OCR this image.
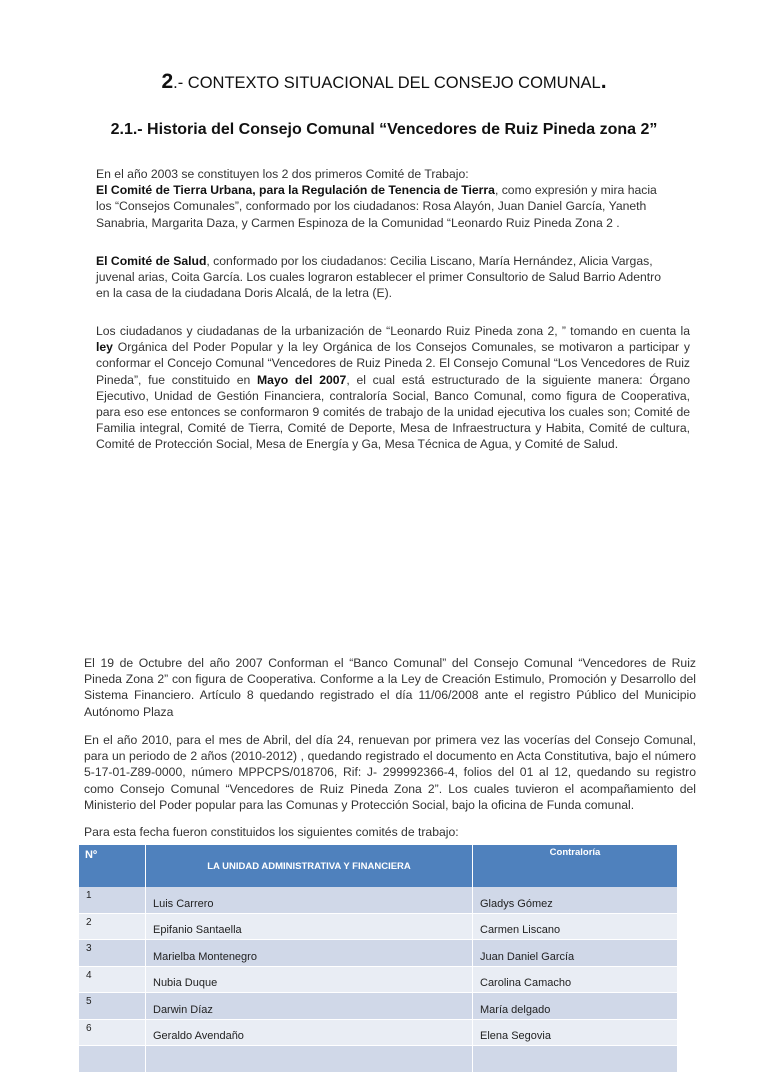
2.- CONTEXTO SITUACIONAL DEL CONSEJO COMUNAL.
2.1.- Historia del Consejo Comunal “Vencedores de Ruiz Pineda zona 2”
En el año 2003 se constituyen los 2 dos primeros Comité de Trabajo:
El Comité de Tierra Urbana, para la Regulación de Tenencia de Tierra, como expresión y mira hacia
los “Consejos Comunales”, conformado por los ciudadanos: Rosa Alayón, Juan Daniel García, Yaneth
Sanabria, Margarita Daza, y Carmen Espinoza de la Comunidad “Leonardo Ruiz Pineda Zona 2 .
El Comité de Salud, conformado por los ciudadanos: Cecilia Liscano, María Hernández, Alicia Vargas,
juvenal arias, Coita García. Los cuales lograron establecer el primer Consultorio de Salud Barrio Adentro
en la casa de la ciudadana Doris Alcalá, de la letra (E).
Los ciudadanos y ciudadanas de la urbanización de “Leonardo Ruiz Pineda zona 2, ” tomando en cuenta la ley Orgánica del Poder Popular y la ley Orgánica de los Consejos Comunales, se motivaron a participar y conformar el Concejo Comunal “Vencedores de Ruiz Pineda 2. El Consejo Comunal “Los Vencedores de Ruiz Pineda”, fue constituido en Mayo del 2007, el cual está estructurado de la siguiente manera: Órgano Ejecutivo, Unidad de Gestión Financiera, contraloría Social, Banco Comunal, como figura de Cooperativa, para eso ese entonces se conformaron 9 comités de trabajo de la unidad ejecutiva los cuales son; Comité de Familia integral, Comité de Tierra, Comité de Deporte, Mesa de Infraestructura y Habita, Comité de cultura, Comité de Protección Social, Mesa de Energía y Ga, Mesa Técnica de Agua, y Comité de Salud.
El 19 de Octubre del año 2007 Conforman el “Banco Comunal” del Consejo Comunal “Vencedores de Ruiz Pineda Zona 2” con figura de Cooperativa. Conforme a la Ley de Creación Estimulo, Promoción y Desarrollo del Sistema Financiero. Artículo 8 quedando registrado el día 11/06/2008 ante el registro Público del Municipio Autónomo Plaza
En el año 2010, para el mes de Abril, del día 24, renuevan por primera vez las vocerías del Consejo Comunal, para un periodo de 2 años (2010-2012) , quedando registrado el documento en Acta Constitutiva, bajo el número 5-17-01-Z89-0000, número MPPCPS/018706, Rif: J- 299992366-4, folios del 01 al 12, quedando su registro como Consejo Comunal “Vencedores de Ruiz Pineda Zona 2”. Los cuales tuvieron el acompañamiento del Ministerio del Poder popular para las Comunas y Protección Social, bajo la oficina de Funda comunal.
Para esta fecha fueron constituidos los siguientes comités de trabajo:
Nº	LA UNIDAD ADMINISTRATIVA Y FINANCIERA	Contraloría
1	Luis Carrero	Gladys Gómez
2	Epifanio Santaella	Carmen Liscano
3	Marielba Montenegro	Juan Daniel García
4	Nubia Duque	Carolina Camacho
5	Darwin Díaz	María delgado
6	Geraldo Avendaño	Elena Segovia
